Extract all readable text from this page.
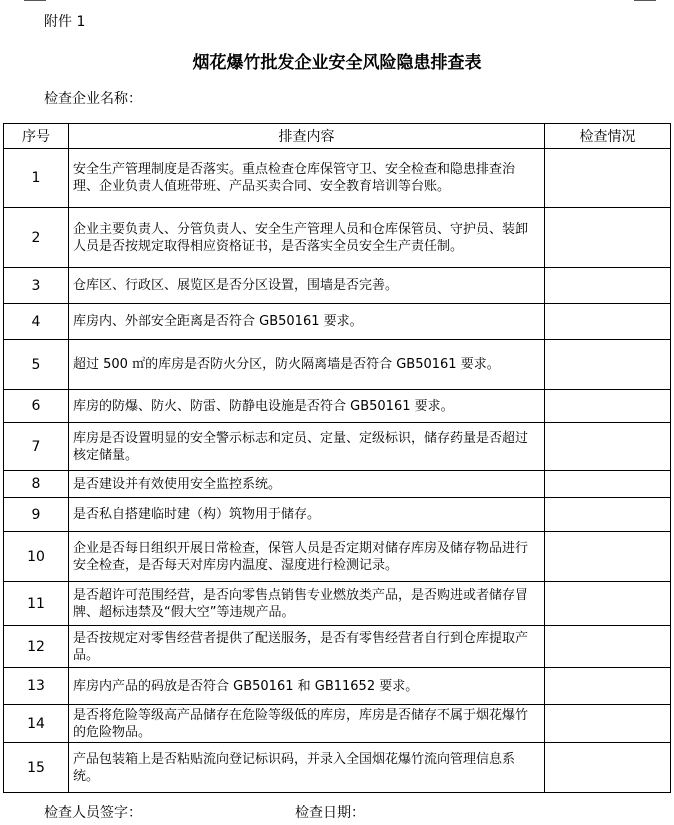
附件 1
烟花爆竹批发企业安全风险隐患排查表
检查企业名称：
序号	排查内容	检查情况
1	安全生产管理制度是否落实。重点检查仓库保管守卫、安全检查和隐患排查治理、企业负责人值班带班、产品买卖合同、安全教育培训等台账。	
2	企业主要负责人、分管负责人、安全生产管理人员和仓库保管员、守护员、装卸人员是否按规定取得相应资格证书，是否落实全员安全生产责任制。	
3	仓库区、行政区、展览区是否分区设置，围墙是否完善。	
4	库房内、外部安全距离是否符合 GB50161 要求。	
5	超过 500 ㎡的库房是否防火分区，防火隔离墙是否符合 GB50161 要求。	
6	库房的防爆、防火、防雷、防静电设施是否符合 GB50161 要求。	
7	库房是否设置明显的安全警示标志和定员、定量、定级标识，储存药量是否超过核定储量。	
8	是否建设并有效使用安全监控系统。	
9	是否私自搭建临时建（构）筑物用于储存。	
10	企业是否每日组织开展日常检查，保管人员是否定期对储存库房及储存物品进行安全检查，是否每天对库房内温度、湿度进行检测记录。	
11	是否超许可范围经营，是否向零售点销售专业燃放类产品，是否购进或者储存冒牌、超标违禁及“假大空”等违规产品。	
12	是否按规定对零售经营者提供了配送服务，是否有零售经营者自行到仓库提取产品。	
13	库房内产品的码放是否符合 GB50161 和 GB11652 要求。	
14	是否将危险等级高产品储存在危险等级低的库房，库房是否储存不属于烟花爆竹的危险物品。	
15	产品包装箱上是否粘贴流向登记标识码，并录入全国烟花爆竹流向管理信息系统。	
检查人员签字：	检查日期：
